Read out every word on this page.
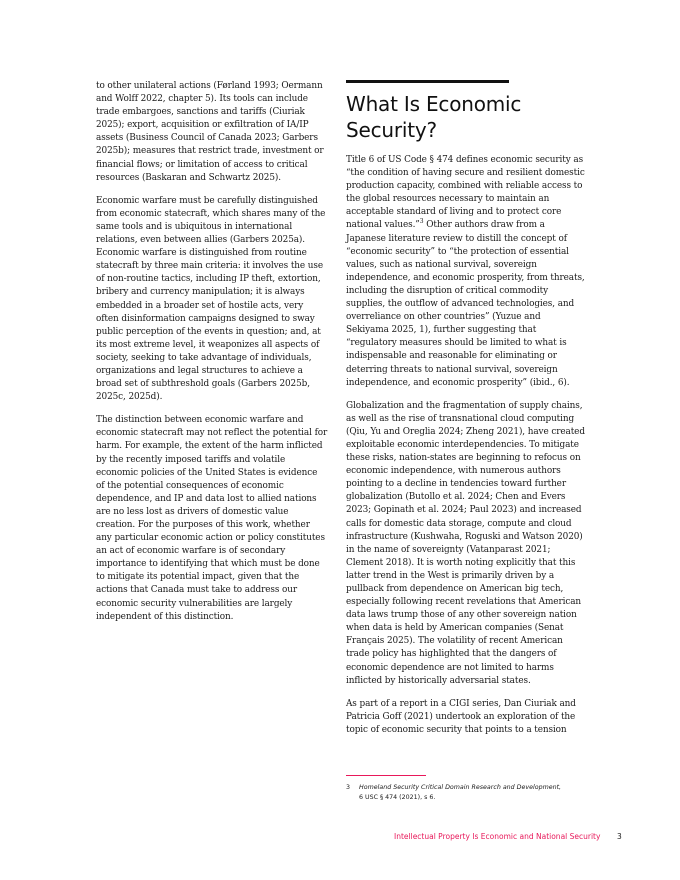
to other unilateral actions (Førland 1993; Oermann and Wolff 2022, chapter 5). Its tools can include trade embargoes, sanctions and tariffs (Ciuriak 2025); export, acquisition or exfiltration of IA/IP assets (Business Council of Canada 2023; Garbers 2025b); measures that restrict trade, investment or financial flows; or limitation of access to critical resources (Baskaran and Schwartz 2025).

Economic warfare must be carefully distinguished from economic statecraft, which shares many of the same tools and is ubiquitous in international relations, even between allies (Garbers 2025a). Economic warfare is distinguished from routine statecraft by three main criteria: it involves the use of non-routine tactics, including IP theft, extortion, bribery and currency manipulation; it is always embedded in a broader set of hostile acts, very often disinformation campaigns designed to sway public perception of the events in question; and, at its most extreme level, it weaponizes all aspects of society, seeking to take advantage of individuals, organizations and legal structures to achieve a broad set of subthreshold goals (Garbers 2025b, 2025c, 2025d).

The distinction between economic warfare and economic statecraft may not reflect the potential for harm. For example, the extent of the harm inflicted by the recently imposed tariffs and volatile economic policies of the United States is evidence of the potential consequences of economic dependence, and IP and data lost to allied nations are no less lost as drivers of domestic value creation. For the purposes of this work, whether any particular economic action or policy constitutes an act of economic warfare is of secondary importance to identifying that which must be done to mitigate its potential impact, given that the actions that Canada must take to address our economic security vulnerabilities are largely independent of this distinction.

What Is Economic Security?

Title 6 of US Code § 474 defines economic security as “the condition of having secure and resilient domestic production capacity, combined with reliable access to the global resources necessary to maintain an acceptable standard of living and to protect core national values.”$^3$ Other authors draw from a Japanese literature review to distill the concept of “economic security” to “the protection of essential values, such as national survival, sovereign independence, and economic prosperity, from threats, including the disruption of critical commodity supplies, the outflow of advanced technologies, and overreliance on other countries” (Yuzue and Sekiyama 2025, 1), further suggesting that “regulatory measures should be limited to what is indispensable and reasonable for eliminating or deterring threats to national survival, sovereign independence, and economic prosperity” (ibid., 6).

Globalization and the fragmentation of supply chains, as well as the rise of transnational cloud computing (Qiu, Yu and Oreglia 2024; Zheng 2021), have created exploitable economic interdependencies. To mitigate these risks, nation-states are beginning to refocus on economic independence, with numerous authors pointing to a decline in tendencies toward further globalization (Butollo et al. 2024; Chen and Evers 2023; Gopinath et al. 2024; Paul 2023) and increased calls for domestic data storage, compute and cloud infrastructure (Kushwaha, Roguski and Watson 2020) in the name of sovereignty (Vatanparast 2021; Clement 2018). It is worth noting explicitly that this latter trend in the West is primarily driven by a pullback from dependence on American big tech, especially following recent revelations that American data laws trump those of any other sovereign nation when data is held by American companies (Senat Français 2025). The volatility of recent American trade policy has highlighted that the dangers of economic dependence are not limited to harms inflicted by historically adversarial states.

As part of a report in a CIGI series, Dan Ciuriak and Patricia Goff (2021) undertook an exploration of the topic of economic security that points to a tension

3 Homeland Security Critical Domain Research and Development,
6 USC § 474 (2021), s 6.
Intellectual Property Is Economic and National Security 3
